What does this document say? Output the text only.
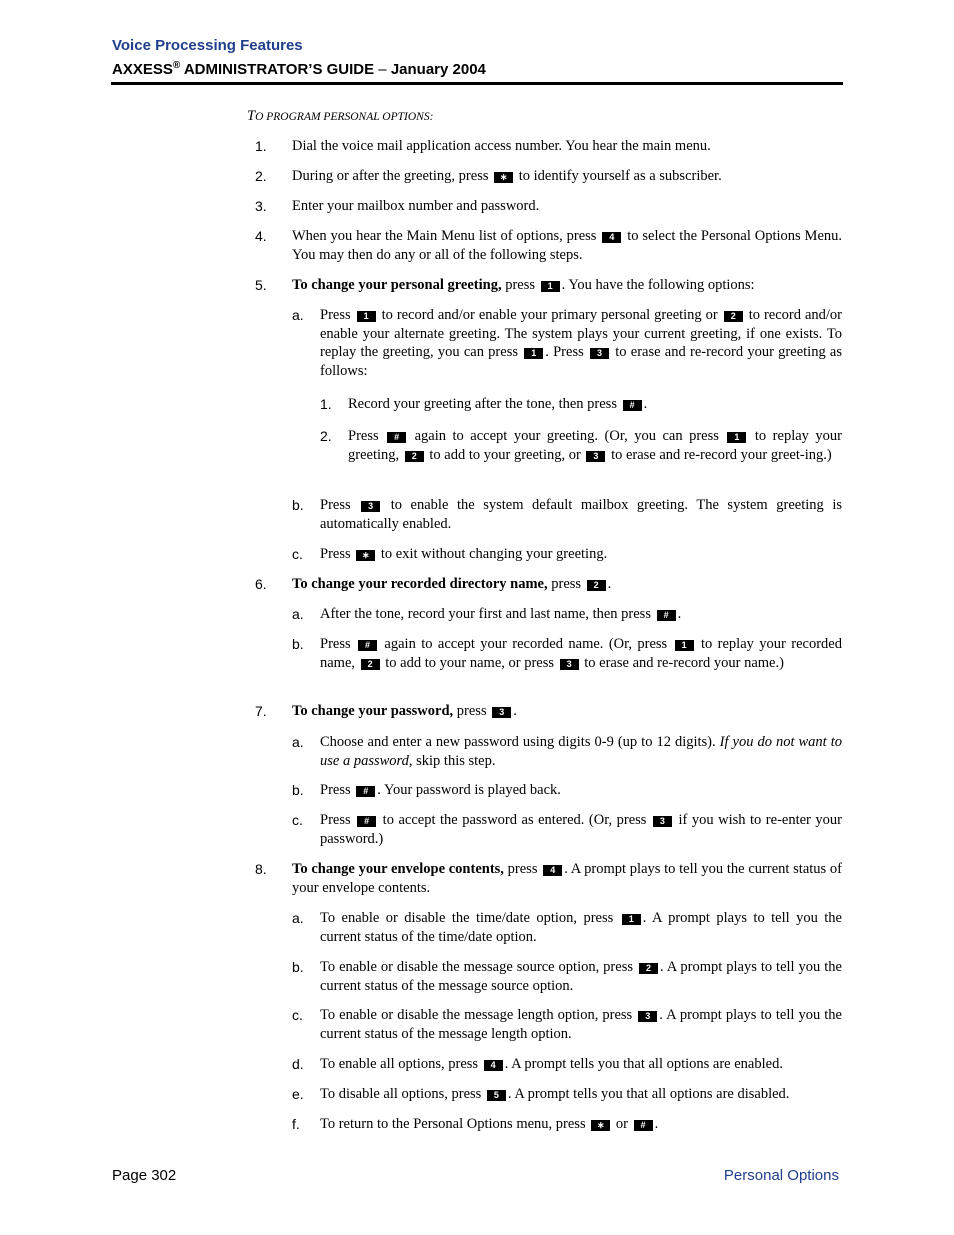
Voice Processing Features
AXXESS® ADMINISTRATOR’S GUIDE – January 2004
TO PROGRAM PERSONAL OPTIONS:
1. Dial the voice mail application access number. You hear the main menu.
2. During or after the greeting, press ∗ to identify yourself as a subscriber.
3. Enter your mailbox number and password.
4. When you hear the Main Menu list of options, press 4 to select the Personal Options Menu. You may then do any or all of the following steps.
5. To change your personal greeting, press 1 . You have the following options:
a. Press 1 to record and/or enable your primary personal greeting or 2 to record and/or enable your alternate greeting. The system plays your current greeting, if one exists. To replay the greeting, you can press 1 . Press 3 to erase and re-record your greeting as follows:
1. Record your greeting after the tone, then press # .
2. Press # again to accept your greeting. (Or, you can press 1 to replay your greeting, 2 to add to your greeting, or 3 to erase and re-record your greet-ing.)
b. Press 3 to enable the system default mailbox greeting. The system greeting is automatically enabled.
c. Press ∗ to exit without changing your greeting.
6. To change your recorded directory name, press 2 .
a. After the tone, record your first and last name, then press # .
b. Press # again to accept your recorded name. (Or, press 1 to replay your recorded name, 2 to add to your name, or press 3 to erase and re-record your name.)
7. To change your password, press 3 .
a. Choose and enter a new password using digits 0-9 (up to 12 digits). If you do not want to use a password, skip this step.
b. Press # . Your password is played back.
c. Press # to accept the password as entered. (Or, press 3 if you wish to re-enter your password.)
8. To change your envelope contents, press 4 . A prompt plays to tell you the current status of your envelope contents.
a. To enable or disable the time/date option, press 1 . A prompt plays to tell you the current status of the time/date option.
b. To enable or disable the message source option, press 2 . A prompt plays to tell you the current status of the message source option.
c. To enable or disable the message length option, press 3 . A prompt plays to tell you the current status of the message length option.
d. To enable all options, press 4 . A prompt tells you that all options are enabled.
e. To disable all options, press 5 . A prompt tells you that all options are disabled.
f. To return to the Personal Options menu, press ∗ or # .
Page 302	Personal Options
